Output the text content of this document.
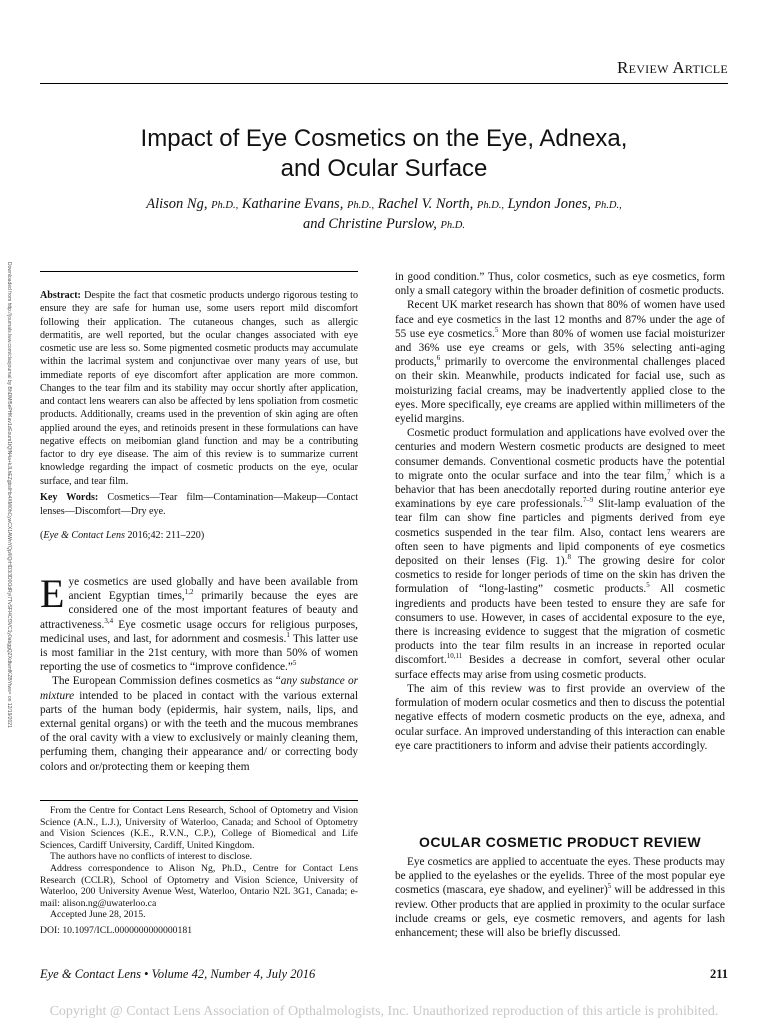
Review Article
Impact of Eye Cosmetics on the Eye, Adnexa,
and Ocular Surface
Alison Ng, Ph.D., Katharine Evans, Ph.D., Rachel V. North, Ph.D., Lyndon Jones, Ph.D.,
and Christine Purslow, Ph.D.
Downloaded from http://journals.lww.com/claojournal by BhDMf5ePHKav1zEoum1tQfN4a+kJLhEZgbsIHo4XMi0hCywCX1AWnYQp/IlQrHD3i3D0OdRyi7TvSFl4Cf3VC1y0abggQZXdtwnfKZBYtws= on 12/19/2021	Abstract: Despite the fact that cosmetic products undergo rigorous testing to ensure they are safe for human use, some users report mild discomfort following their application. The cutaneous changes, such as allergic dermatitis, are well reported, but the ocular changes associated with eye cosmetic use are less so. Some pigmented cosmetic products may accumulate within the lacrimal system and conjunctivae over many years of use, but immediate reports of eye discomfort after application are more common. Changes to the tear film and its stability may occur shortly after application, and contact lens wearers can also be affected by lens spoliation from cosmetic products. Additionally, creams used in the prevention of skin aging are often applied around the eyes, and retinoids present in these formulations can have negative effects on meibomian gland function and may be a contributing factor to dry eye disease. The aim of this review is to summarize current knowledge regarding the impact of cosmetic products on the eye, ocular surface, and tear film.
Key Words: Cosmetics—Tear film—Contamination—Makeup—Contact lenses—Discomfort—Dry eye.
(Eye & Contact Lens 2016;42: 211–220)

Eye cosmetics are used globally and have been available from ancient Egyptian times,$^{1,2}$ primarily because the eyes are considered one of the most important features of beauty and attractiveness.$^{3,4}$ Eye cosmetic usage occurs for religious purposes, medicinal uses, and last, for adornment and cosmesis.$^1$ This latter use is most familiar in the 21st century, with more than 50% of women reporting the use of cosmetics to “improve confidence.”$^5$

The European Commission defines cosmetics as “any substance or mixture intended to be placed in contact with the various external parts of the human body (epidermis, hair system, nails, lips, and external genital organs) or with the teeth and the mucous membranes of the oral cavity with a view to exclusively or mainly cleaning them, perfuming them, changing their appearance and/ or correcting body colors and or/protecting them or keeping them

From the Centre for Contact Lens Research, School of Optometry and Vision Science (A.N., L.J.), University of Waterloo, Canada; and School of Optometry and Vision Sciences (K.E., R.V.N., C.P.), College of Biomedical and Life Sciences, Cardiff University, Cardiff, United Kingdom.

The authors have no conflicts of interest to disclose.

Address correspondence to Alison Ng, Ph.D., Centre for Contact Lens Research (CCLR), School of Optometry and Vision Science, University of Waterloo, 200 University Avenue West, Waterloo, Ontario N2L 3G1, Canada; e-mail: alison.ng@uwaterloo.ca

Accepted June 28, 2015.

DOI: 10.1097/ICL.0000000000000181

in good condition.” Thus, color cosmetics, such as eye cosmetics, form only a small category within the broader definition of cosmetic products.

Recent UK market research has shown that 80% of women have used face and eye cosmetics in the last 12 months and 87% under the age of 55 use eye cosmetics.$^5$ More than 80% of women use facial moisturizer and 36% use eye creams or gels, with 35% selecting anti-aging products,$^6$ primarily to overcome the environmental challenges placed on their skin. Meanwhile, products indicated for facial use, such as moisturizing facial creams, may be inadvertently applied close to the eyes. More specifically, eye creams are applied within millimeters of the eyelid margins.

Cosmetic product formulation and applications have evolved over the centuries and modern Western cosmetic products are designed to meet consumer demands. Conventional cosmetic products have the potential to migrate onto the ocular surface and into the tear film,$^7$ which is a behavior that has been anecdotally reported during routine anterior eye examinations by eye care professionals.$^{7-9}$ Slit-lamp evaluation of the tear film can show fine particles and pigments derived from eye cosmetics suspended in the tear film. Also, contact lens wearers are often seen to have pigments and lipid components of eye cosmetics deposited on their lenses (Fig. 1).$^8$ The growing desire for color cosmetics to reside for longer periods of time on the skin has driven the formulation of “long-lasting” cosmetic products.$^5$ All cosmetic ingredients and products have been tested to ensure they are safe for consumers to use. However, in cases of accidental exposure to the eye, there is increasing evidence to suggest that the migration of cosmetic products into the tear film results in an increase in reported ocular discomfort.$^{10,11}$ Besides a decrease in comfort, several other ocular surface effects may arise from using cosmetic products.

The aim of this review was to first provide an overview of the formulation of modern ocular cosmetics and then to discuss the potential negative effects of modern cosmetic products on the eye, adnexa, and ocular surface. An improved understanding of this interaction can enable eye care practitioners to inform and advise their patients accordingly.

OCULAR COSMETIC PRODUCT REVIEW

Eye cosmetics are applied to accentuate the eyes. These products may be applied to the eyelashes or the eyelids. Three of the most popular eye cosmetics (mascara, eye shadow, and eyeliner)$^5$ will be addressed in this review. Other products that are applied in proximity to the ocular surface include creams or gels, eye cosmetic removers, and agents for lash enhancement; these will also be briefly discussed.

Eye & Contact Lens • Volume 42, Number 4, July 2016	211
Copyright @ Contact Lens Association of Opthalmologists, Inc. Unauthorized reproduction of this article is prohibited.
